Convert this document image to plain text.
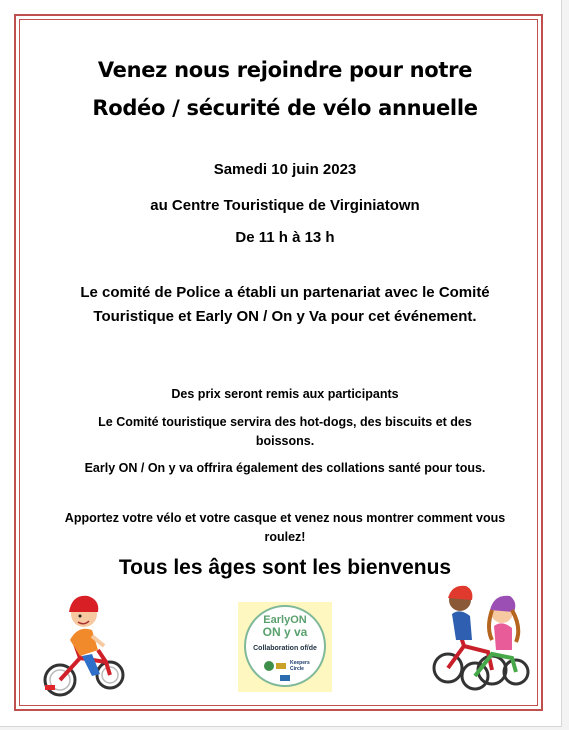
Venez nous rejoindre pour notre
Rodéo / sécurité de vélo annuelle
Samedi 10 juin 2023
au Centre Touristique de Virginiatown
De 11 h à 13 h
Le comité de Police a établi un partenariat avec le Comité Touristique et Early ON / On y Va pour cet événement.
Des prix seront remis aux participants
Le Comité touristique servira des hot-dogs, des biscuits et des boissons.
Early ON / On y va offrira également des collations santé pour tous.
Apportez votre vélo et votre casque et venez nous montrer comment vous roulez!
Tous les âges sont les bienvenus
EarlyON
ON y va
Collaboration of/de
Keepers
Circle
